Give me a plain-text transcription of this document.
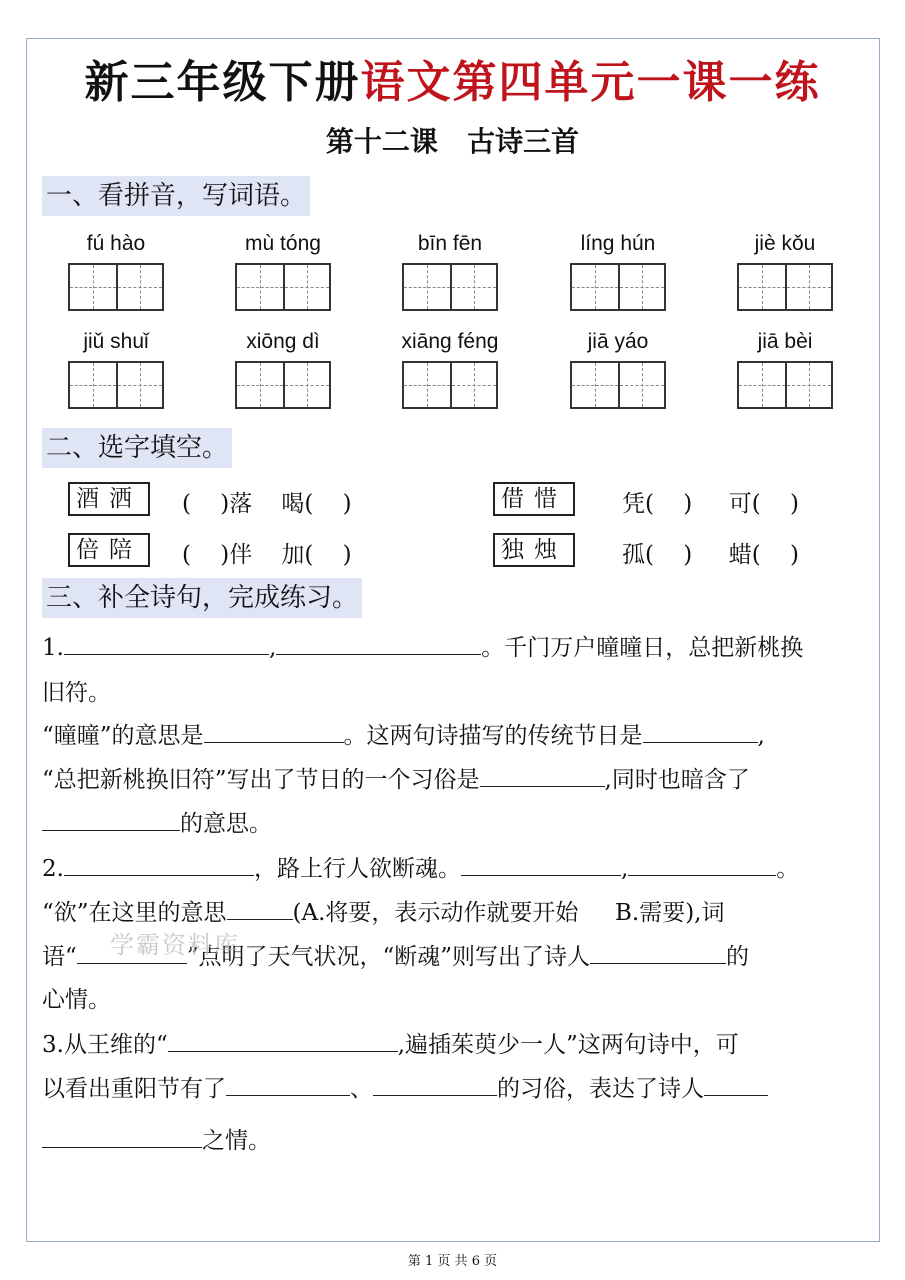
新三年级下册语文第四单元一课一练
第十二课   古诗三首
一、看拼音，写词语。
fú hào	mù tóng	bīn fēn	líng hún	jiè kǒu
jiǔ shuǐ	xiōng dì	xiāng féng	jiā yáo	jiā bèi
二、选字填空。
酒洒	(    )落    喝(    )	借惜	凭(    )     可(    )
倍陪	(    )伴    加(    )	独烛	孤(    )     蜡(    )
三、补全诗句，完成练习。
1.	,	。千门万户曈曈日，总把新桃换
旧符。
“曈曈”的意思是	。这两句诗描写的传统节日是	,
“总把新桃换旧符”写出了节日的一个习俗是	,同时也暗含了
的意思。
2.	，路上行人欲断魂。	,	。
“欲”在这里的意思	(A.将要，表示动作就要开始     B.需要),词
语“	”点明了天气状况，“断魂”则写出了诗人	的
心情。
3.从王维的“	,遍插茱萸少一人”这两句诗中，可
以看出重阳节有了	、	的习俗，表达了诗人
之情。
学霸资料库
第 1 页 共 6 页
